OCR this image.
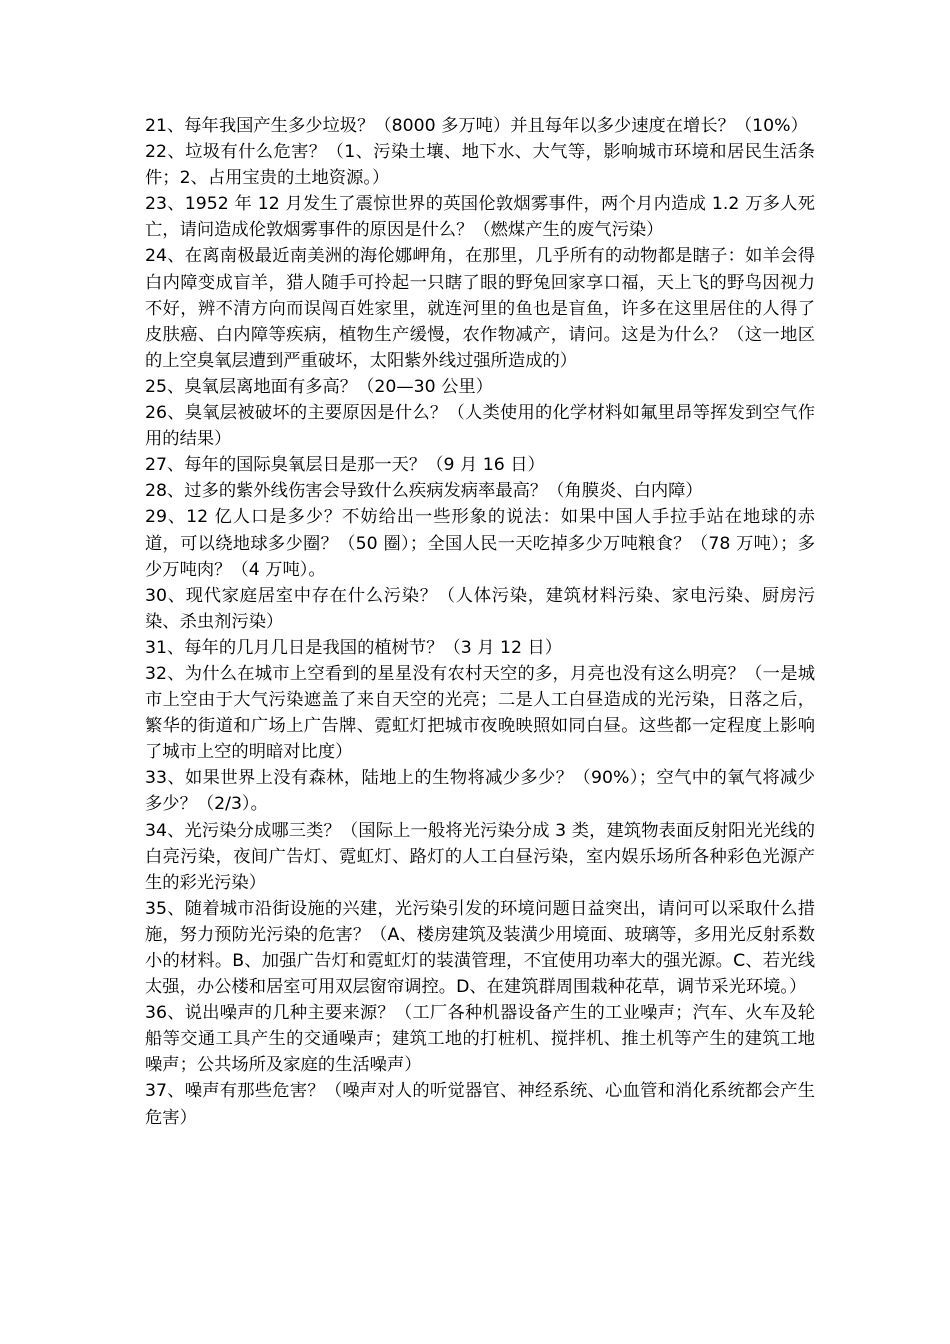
21、每年我国产生多少垃圾？（8000 多万吨）并且每年以多少速度在增长？（10%）

22、垃圾有什么危害？（1、污染土壤、地下水、大气等，影响城市环境和居民生活条件；2、占用宝贵的土地资源。）

23、1952 年 12 月发生了震惊世界的英国伦敦烟雾事件，两个月内造成 1.2 万多人死亡，请问造成伦敦烟雾事件的原因是什么？（燃煤产生的废气污染）

24、在离南极最近南美洲的海伦娜岬角，在那里，几乎所有的动物都是瞎子：如羊会得白内障变成盲羊，猎人随手可拎起一只瞎了眼的野兔回家享口福，天上飞的野鸟因视力不好，辨不清方向而误闯百姓家里，就连河里的鱼也是盲鱼，许多在这里居住的人得了皮肤癌、白内障等疾病，植物生产缓慢，农作物减产，请问。这是为什么？（这一地区的上空臭氧层遭到严重破坏，太阳紫外线过强所造成的）

25、臭氧层离地面有多高？（20—30 公里）

26、臭氧层被破坏的主要原因是什么？（人类使用的化学材料如氟里昂等挥发到空气作用的结果）

27、每年的国际臭氧层日是那一天？（9 月 16 日）

28、过多的紫外线伤害会导致什么疾病发病率最高？（角膜炎、白内障）

29、12 亿人口是多少？不妨给出一些形象的说法：如果中国人手拉手站在地球的赤道，可以绕地球多少圈？（50 圈）；全国人民一天吃掉多少万吨粮食？（78 万吨）；多少万吨肉？（4 万吨）。

30、现代家庭居室中存在什么污染？（人体污染，建筑材料污染、家电污染、厨房污染、杀虫剂污染）

31、每年的几月几日是我国的植树节？（3 月 12 日）

32、为什么在城市上空看到的星星没有农村天空的多，月亮也没有这么明亮？（一是城市上空由于大气污染遮盖了来自天空的光亮；二是人工白昼造成的光污染，日落之后，繁华的街道和广场上广告牌、霓虹灯把城市夜晚映照如同白昼。这些都一定程度上影响了城市上空的明暗对比度）

33、如果世界上没有森林，陆地上的生物将减少多少？（90%）；空气中的氧气将减少多少？（2/3）。

34、光污染分成哪三类？（国际上一般将光污染分成 3 类，建筑物表面反射阳光光线的白亮污染，夜间广告灯、霓虹灯、路灯的人工白昼污染，室内娱乐场所各种彩色光源产生的彩光污染）

35、随着城市沿街设施的兴建，光污染引发的环境问题日益突出，请问可以采取什么措施，努力预防光污染的危害？（A、楼房建筑及装潢少用境面、玻璃等，多用光反射系数小的材料。B、加强广告灯和霓虹灯的装潢管理，不宜使用功率大的强光源。C、若光线太强，办公楼和居室可用双层窗帘调控。D、在建筑群周围栽种花草，调节采光环境。）

36、说出噪声的几种主要来源？（工厂各种机器设备产生的工业噪声；汽车、火车及轮船等交通工具产生的交通噪声；建筑工地的打桩机、搅拌机、推土机等产生的建筑工地噪声；公共场所及家庭的生活噪声）

37、噪声有那些危害？（噪声对人的听觉器官、神经系统、心血管和消化系统都会产生危害）
